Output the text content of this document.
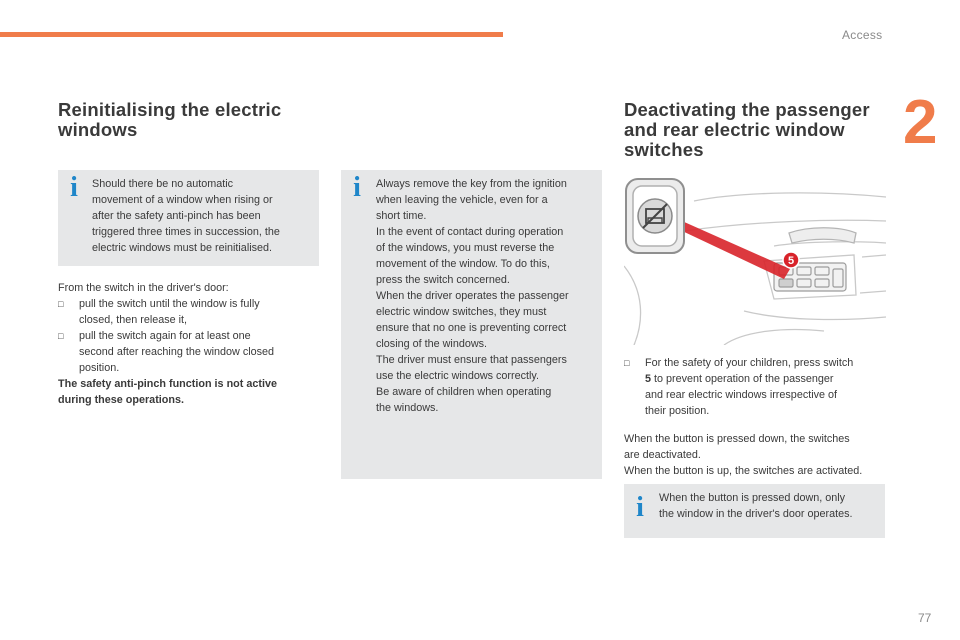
Access
2
77
Reinitialising the electric
windows
i Should there be no automatic
movement of a window when rising or
after the safety anti-pinch has been
triggered three times in succession, the
electric windows must be reinitialised.
From the switch in the driver's door:
□ pull the switch until the window is fully
closed, then release it,
□ pull the switch again for at least one
second after reaching the window closed
position.
The safety anti-pinch function is not active
during these operations.
i Always remove the key from the ignition
when leaving the vehicle, even for a
short time.
In the event of contact during operation
of the windows, you must reverse the
movement of the window. To do this,
press the switch concerned.
When the driver operates the passenger
electric window switches, they must
ensure that no one is preventing correct
closing of the windows.
The driver must ensure that passengers
use the electric windows correctly.
Be aware of children when operating
the windows.
Deactivating the passenger
and rear electric window
switches
5
□ For the safety of your children, press switch
5 to prevent operation of the passenger
and rear electric windows irrespective of
their position.
When the button is pressed down, the switches
are deactivated.
When the button is up, the switches are activated.
i When the button is pressed down, only
the window in the driver's door operates.
